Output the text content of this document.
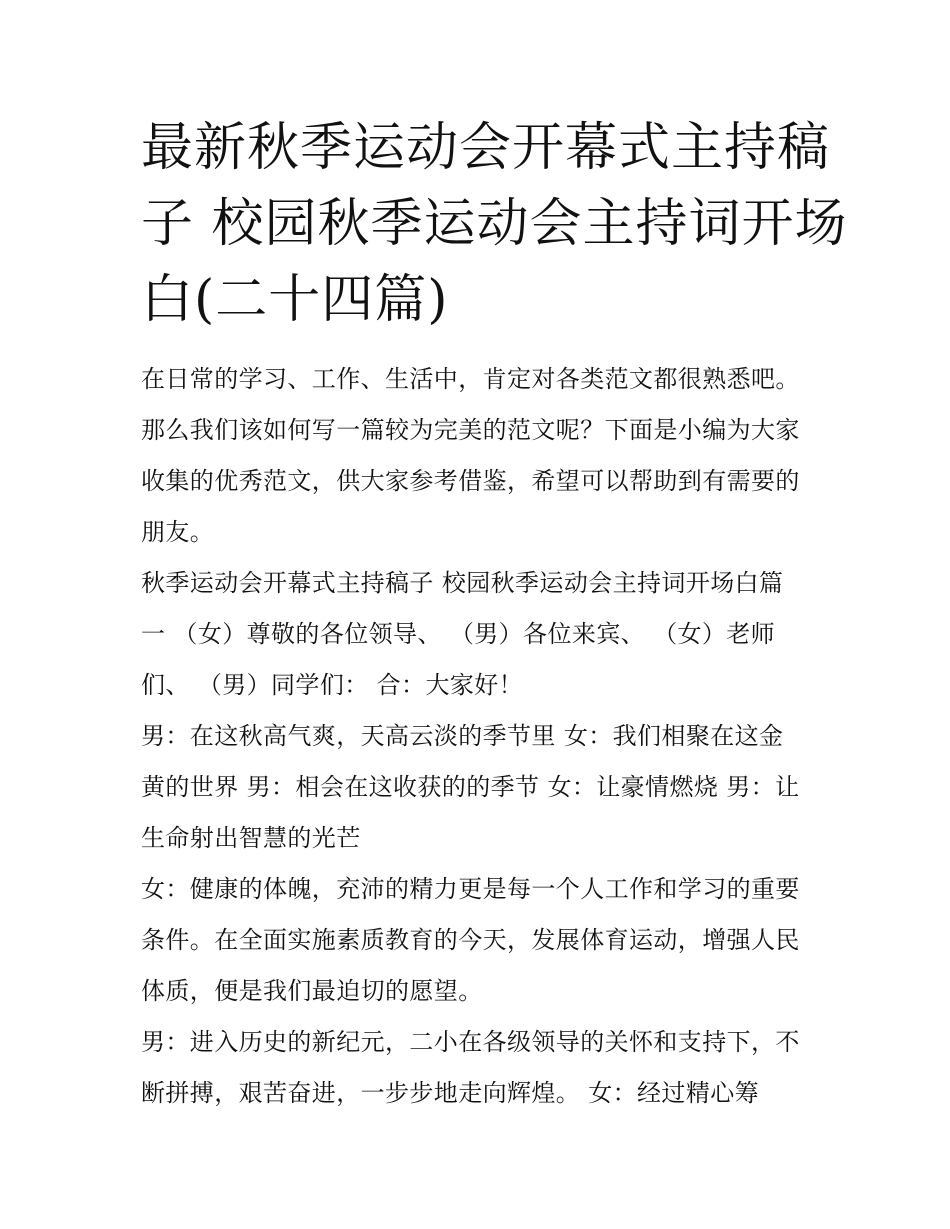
最新秋季运动会开幕式主持稿
子 校园秋季运动会主持词开场
白(二十四篇)
在日常的学习、工作、生活中，肯定对各类范文都很熟悉吧。
那么我们该如何写一篇较为完美的范文呢？下面是小编为大家
收集的优秀范文，供大家参考借鉴，希望可以帮助到有需要的
朋友。
秋季运动会开幕式主持稿子 校园秋季运动会主持词开场白篇
一 （女）尊敬的各位领导、 （男）各位来宾、 （女）老师
们、 （男）同学们： 合：大家好！
男：在这秋高气爽，天高云淡的季节里 女：我们相聚在这金
黄的世界 男：相会在这收获的的季节 女：让豪情燃烧 男：让
生命射出智慧的光芒
女：健康的体魄，充沛的精力更是每一个人工作和学习的重要
条件。在全面实施素质教育的今天，发展体育运动，增强人民
体质，便是我们最迫切的愿望。
男：进入历史的新纪元，二小在各级领导的关怀和支持下，不
断拼搏，艰苦奋进，一步步地走向辉煌。 女：经过精心筹
